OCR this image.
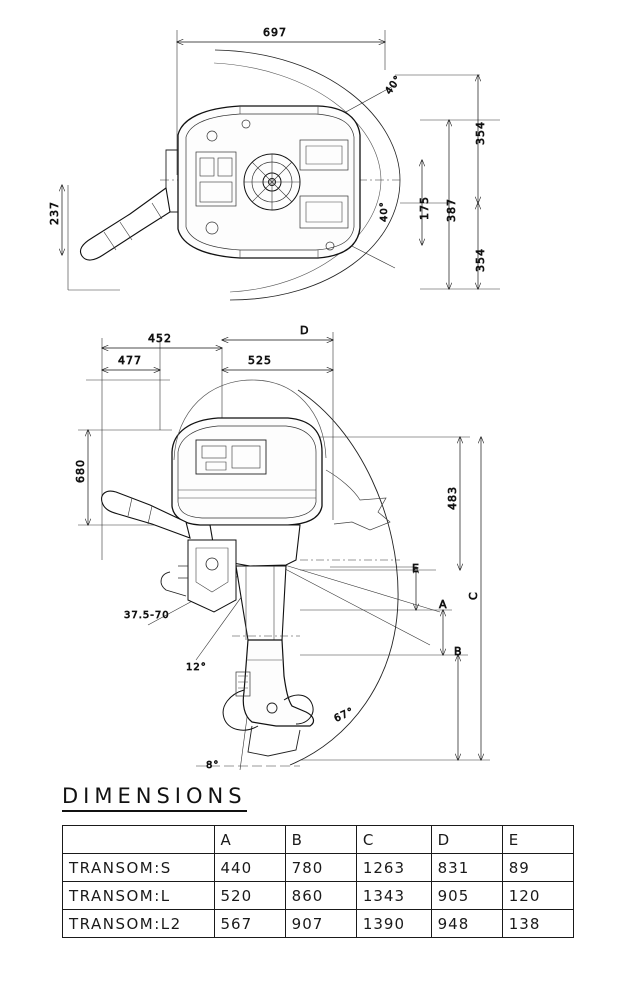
697
354
354
387
175
237
40°
40°
452
D
477	525
680
483
C
A
B
E
37.5-70
12°
67°
8°
DIMENSIONS
	A	B	C	D	E
TRANSOM:S	440	780	1263	831	89
TRANSOM:L	520	860	1343	905	120
TRANSOM:L2	567	907	1390	948	138
